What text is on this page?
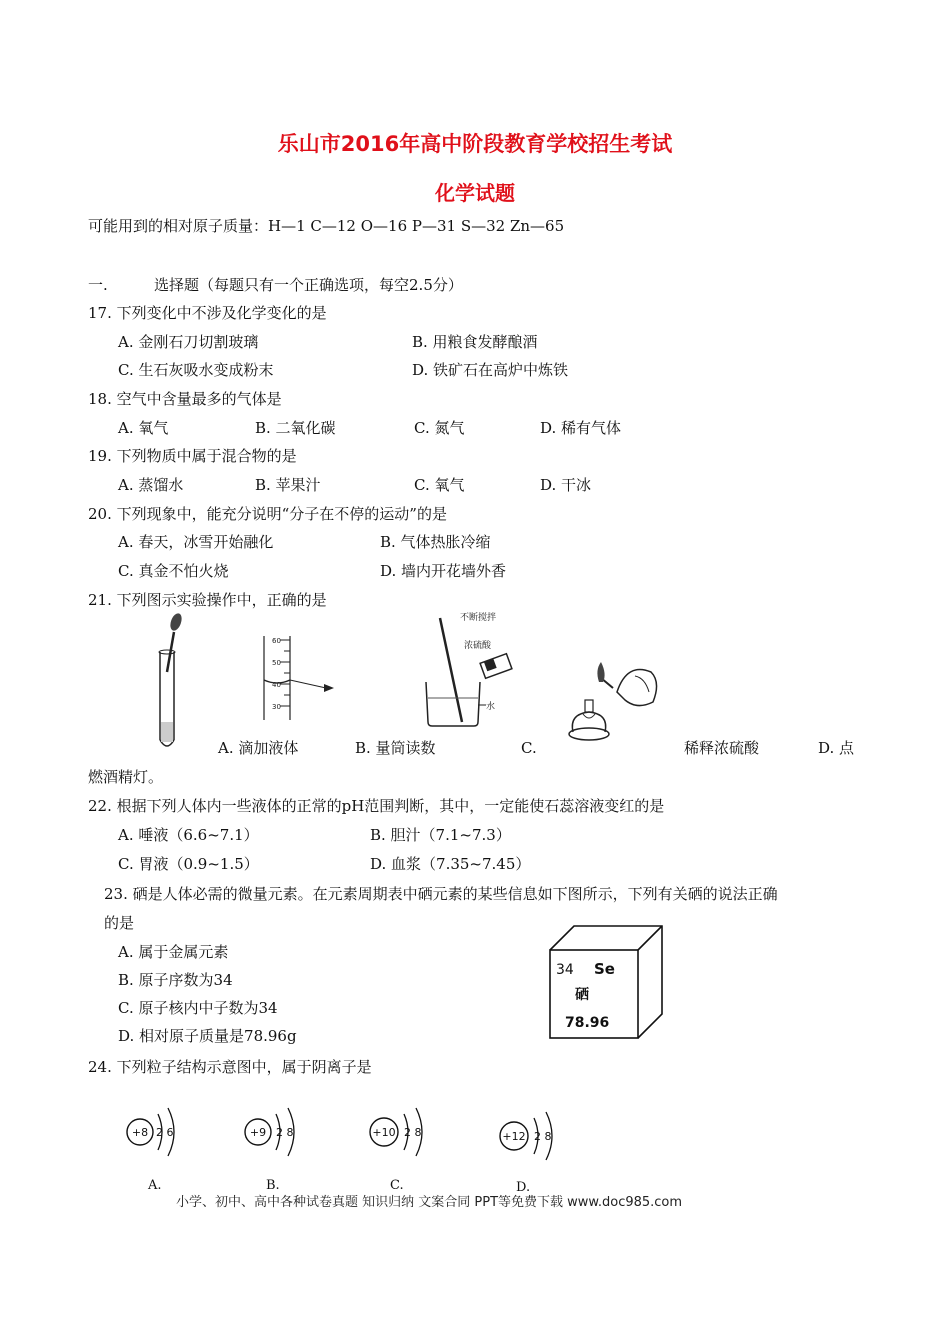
乐山市2016年高中阶段教育学校招生考试
化学试题
可能用到的相对原子质量：H—1 C—12 O—16 P—31 S—32 Zn—65
一.	选择题（每题只有一个正确选项，每空2.5分）
17. 下列变化中不涉及化学变化的是
A. 金刚石刀切割玻璃	B. 用粮食发酵酿酒
C. 生石灰吸水变成粉末	D. 铁矿石在高炉中炼铁
18. 空气中含量最多的气体是
A. 氧气	B. 二氧化碳	C. 氮气	D. 稀有气体
19. 下列物质中属于混合物的是
A. 蒸馏水	B. 苹果汁	C. 氧气	D. 干冰
20. 下列现象中，能充分说明“分子在不停的运动”的是
A. 春天，冰雪开始融化	B. 气体热胀冷缩
C. 真金不怕火烧	D. 墙内开花墙外香
21. 下列图示实验操作中，正确的是
60
50
40
30
不断搅拌
浓硫酸
水
A. 滴加液体	B. 量筒读数	C.	稀释浓硫酸	D. 点
燃酒精灯。
22. 根据下列人体内一些液体的正常的pH范围判断，其中，一定能使石蕊溶液变红的是
A. 唾液（6.6~7.1）	B. 胆汁（7.1~7.3）
C. 胃液（0.9~1.5）	D. 血浆（7.35~7.45）
23. 硒是人体必需的微量元素。在元素周期表中硒元素的某些信息如下图所示，下列有关硒的说法正确
的是
A. 属于金属元素
B. 原子序数为34
C. 原子核内中子数为34
D. 相对原子质量是78.96g
34 Se
硒
78.96
24. 下列粒子结构示意图中，属于阴离子是
+8 2 6
A.
+9 2 8
B.
+10 2 8
C.
+12 2 8
D.
小学、初中、高中各种试卷真题 知识归纳 文案合同 PPT等免费下载 www.doc985.com
